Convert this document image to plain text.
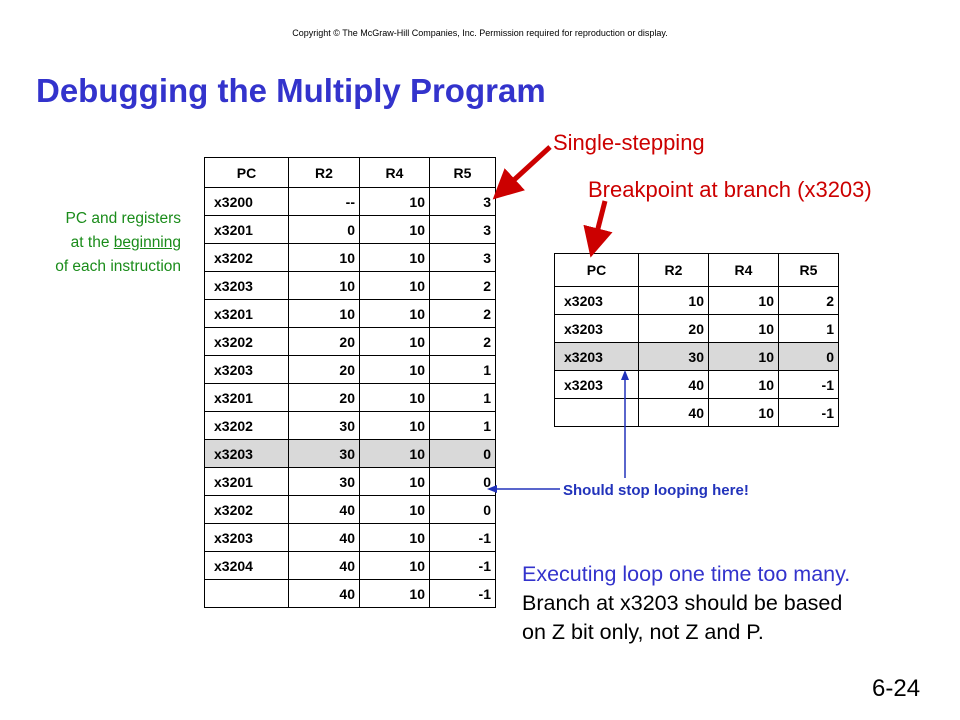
Copyright © The McGraw-Hill Companies, Inc. Permission required for reproduction or display.
Debugging the Multiply Program
Single-stepping
Breakpoint at branch (x3203)
PC and registers
at the beginning
of each instruction
PC	R2	R4	R5
x3200	--	10	3
x3201	0	10	3
x3202	10	10	3
x3203	10	10	2
x3201	10	10	2
x3202	20	10	2
x3203	20	10	1
x3201	20	10	1
x3202	30	10	1
x3203	30	10	0
x3201	30	10	0
x3202	40	10	0
x3203	40	10	-1
x3204	40	10	-1
	40	10	-1
PC	R2	R4	R5
x3203	10	10	2
x3203	20	10	1
x3203	30	10	0
x3203	40	10	-1
	40	10	-1
Should stop looping here!
Executing loop one time too many.
Branch at x3203 should be based
on Z bit only, not Z and P.
6-24
